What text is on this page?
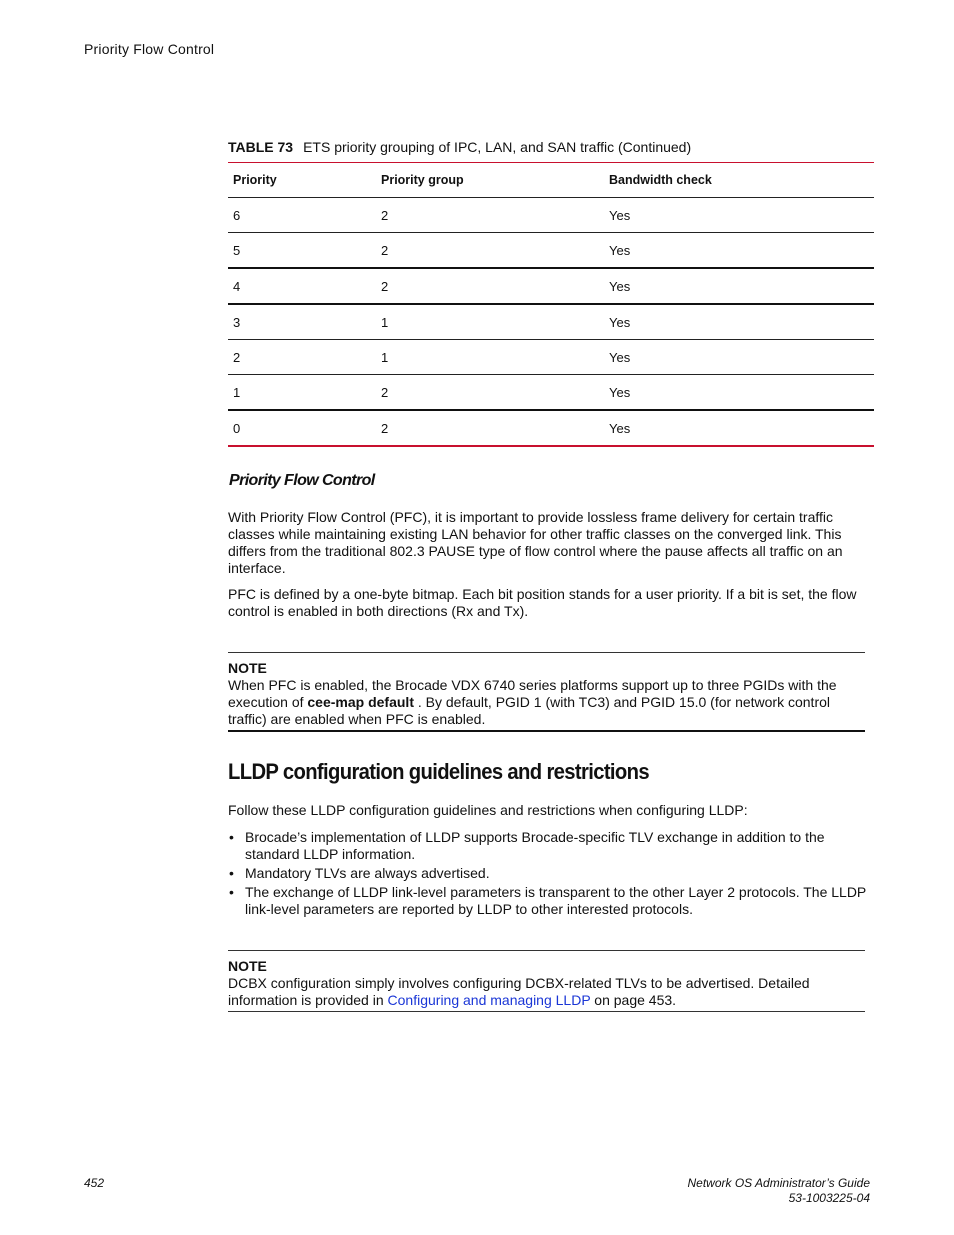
Priority Flow Control
TABLE 73 ETS priority grouping of IPC, LAN, and SAN traffic (Continued)
Priority	Priority group	Bandwidth check
6	2	Yes
5	2	Yes
4	2	Yes
3	1	Yes
2	1	Yes
1	2	Yes
0	2	Yes
Priority Flow Control

With Priority Flow Control (PFC), it is important to provide lossless frame delivery for certain traffic classes while maintaining existing LAN behavior for other traffic classes on the converged link. This differs from the traditional 802.3 PAUSE type of flow control where the pause affects all traffic on an interface.

PFC is defined by a one-byte bitmap. Each bit position stands for a user priority. If a bit is set, the flow control is enabled in both directions (Rx and Tx).

NOTE
When PFC is enabled, the Brocade VDX 6740 series platforms support up to three PGIDs with the execution of cee-map default . By default, PGID 1 (with TC3) and PGID 15.0 (for network control traffic) are enabled when PFC is enabled.
LLDP configuration guidelines and restrictions

Follow these LLDP configuration guidelines and restrictions when configuring LLDP:

• Brocade’s implementation of LLDP supports Brocade-specific TLV exchange in addition to the standard LLDP information.
• Mandatory TLVs are always advertised.
• The exchange of LLDP link-level parameters is transparent to the other Layer 2 protocols. The LLDP link-level parameters are reported by LLDP to other interested protocols.
NOTE
DCBX configuration simply involves configuring DCBX-related TLVs to be advertised. Detailed information is provided in Configuring and managing LLDP on page 453.
452	Network OS Administrator’s Guide
53-1003225-04
